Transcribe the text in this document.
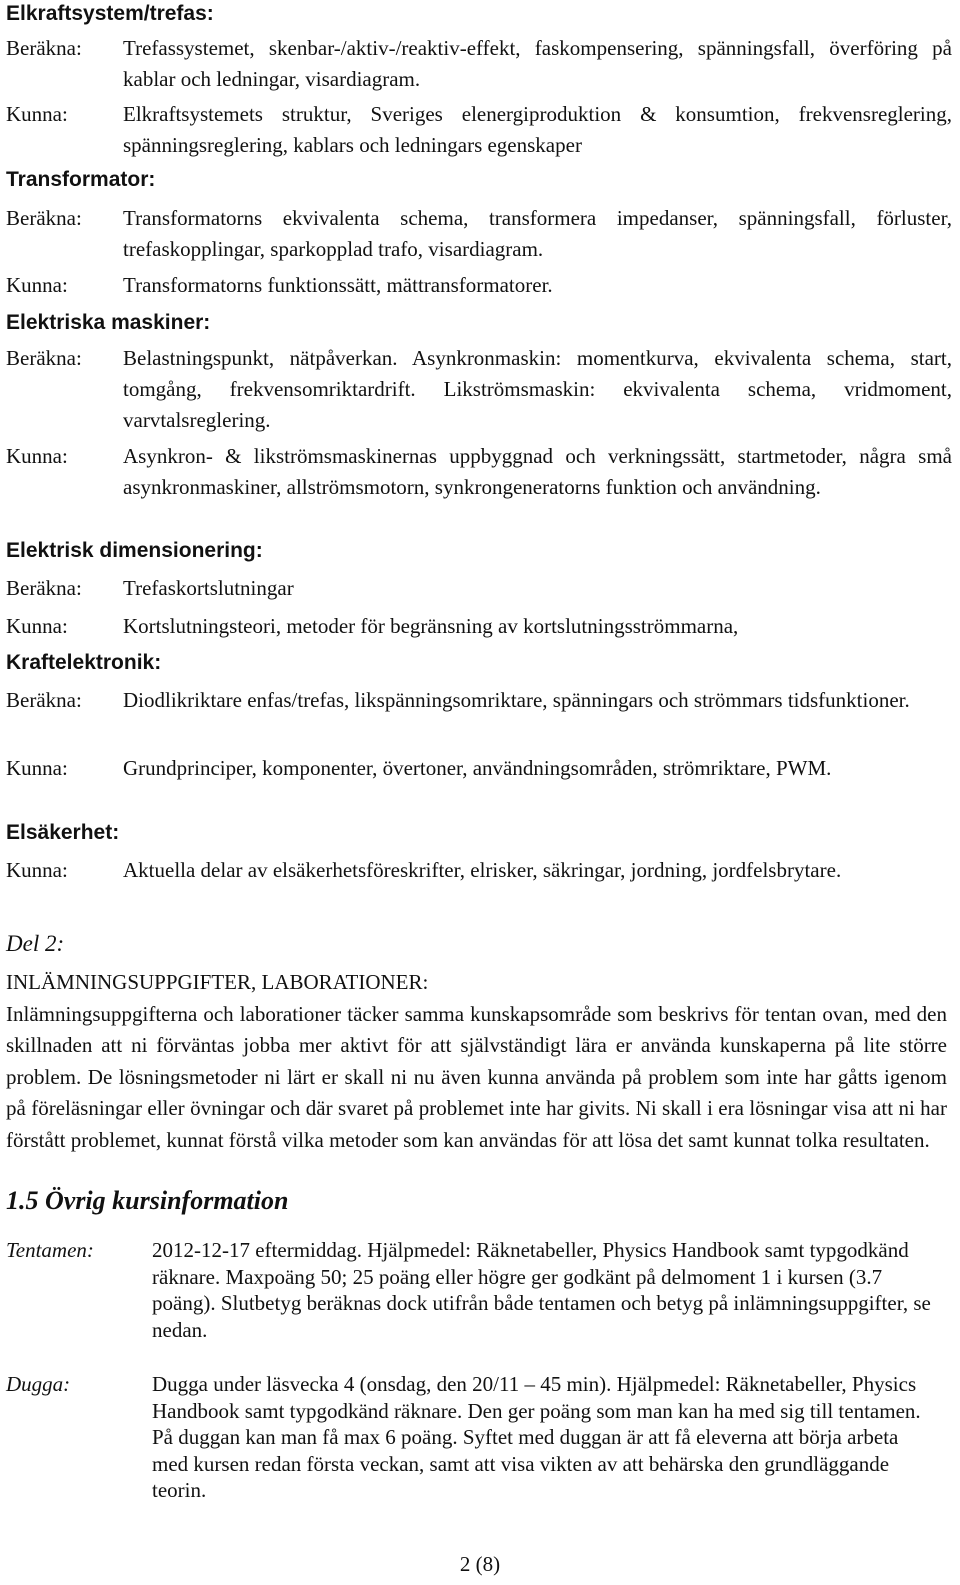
Elkraftsystem/trefas:
Beräkna: Trefassystemet, skenbar-/aktiv-/reaktiv-effekt, faskompensering, spänningsfall, överföring på kablar och ledningar, visardiagram.
Kunna:	Elkraftsystemets struktur, Sveriges elenergiproduktion & konsumtion, frekvensreglering, spänningsreglering, kablars och ledningars egenskaper
Transformator:
Beräkna: Transformatorns ekvivalenta schema, transformera impedanser, spänningsfall, förluster, trefaskopplingar, sparkopplad trafo, visardiagram.
Kunna:	Transformatorns funktionssätt, mättransformatorer.
Elektriska maskiner:
Beräkna: Belastningspunkt, nätpåverkan. Asynkronmaskin: momentkurva, ekvivalenta schema, start, tomgång, frekvensomriktardrift. Likströmsmaskin: ekvivalenta schema, vridmoment, varvtalsreglering.
Kunna:	Asynkron- & likströmsmaskinernas uppbyggnad och verkningssätt, startmetoder, några små asynkronmaskiner, allströmsmotorn, synkrongeneratorns funktion och användning.
Elektrisk dimensionering:
Beräkna: Trefaskortslutningar
Kunna:	Kortslutningsteori, metoder för begränsning av kortslutningsströmmarna,
Kraftelektronik:
Beräkna: Diodlikriktare enfas/trefas, likspänningsomriktare, spänningars och strömmars tidsfunktioner.
Kunna:	Grundprinciper, komponenter, övertoner, användningsområden, strömriktare, PWM.
Elsäkerhet:
Kunna:	Aktuella delar av elsäkerhetsföreskrifter, elrisker, säkringar, jordning, jordfelsbrytare.
Del 2:
INLÄMNINGSUPPGIFTER, LABORATIONER:
Inlämningsuppgifterna och laborationer täcker samma kunskapsområde som beskrivs för tentan ovan, med den skillnaden att ni förväntas jobba mer aktivt för att självständigt lära er använda kunskaperna på lite större problem. De lösningsmetoder ni lärt er skall ni nu även kunna använda på problem som inte har gåtts igenom på föreläsningar eller övningar och där svaret på problemet inte har givits. Ni skall i era lösningar visa att ni har förstått problemet, kunnat förstå vilka metoder som kan användas för att lösa det samt kunnat tolka resultaten.
1.5 Övrig kursinformation
Tentamen:	2012-12-17 eftermiddag. Hjälpmedel: Räknetabeller, Physics Handbook samt typgodkänd räknare. Maxpoäng 50; 25 poäng eller högre ger godkänt på delmoment 1 i kursen (3.7 poäng). Slutbetyg beräknas dock utifrån både tentamen och betyg på inlämningsuppgifter, se nedan.
Dugga:	Dugga under läsvecka 4 (onsdag, den 20/11 – 45 min). Hjälpmedel: Räknetabeller, Physics Handbook samt typgodkänd räknare. Den ger poäng som man kan ha med sig till tentamen. På duggan kan man få max 6 poäng. Syftet med duggan är att få eleverna att börja arbeta med kursen redan första veckan, samt att visa vikten av att behärska den grundläggande teorin.
2 (8)
